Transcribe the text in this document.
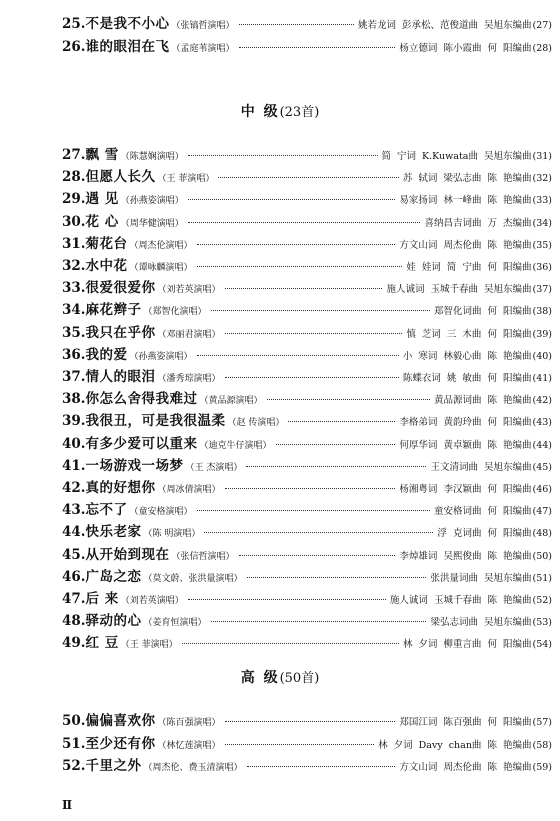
25. 不是我不小心 （张镐哲演唱）	姚若龙词 彭承松、范俊道曲 吴旭东编曲 (27)
26. 谁的眼泪在飞 （孟庭苇演唱）	杨立德词 陈小霞曲 何 阳编曲 (28)
中 级(23首)
27. 飘 雪 （陈慧娴演唱）	简 宁词 K.Kuwata曲 吴旭东编曲 (31)
28. 但愿人长久 （王 菲演唱）	苏 轼词 梁弘志曲 陈 艳编曲 (32)
29. 遇 见 （孙燕姿演唱）	易家扬词 林一峰曲 陈 艳编曲 (33)
30. 花 心 （周华健演唱）	喜纳昌吉词曲 万 杰编曲 (34)
31. 菊花台 （周杰伦演唱）	方文山词 周杰伦曲 陈 艳编曲 (35)
32. 水中花 （谭咏麟演唱）	娃 娃词 简 宁曲 何 阳编曲 (36)
33. 很爱很爱你 （刘若英演唱）	施人诚词 玉城千春曲 吴旭东编曲 (37)
34. 麻花辫子 （郑智化演唱）	郑智化词曲 何 阳编曲 (38)
35. 我只在乎你 （邓丽君演唱）	慎 芝词 三 木曲 何 阳编曲 (39)
36. 我的爱 （孙燕姿演唱）	小 寒词 林毅心曲 陈 艳编曲 (40)
37. 情人的眼泪 （潘秀琼演唱）	陈蝶衣词 姚 敏曲 何 阳编曲 (41)
38. 你怎么舍得我难过 （黄品源演唱）	黄品源词曲 陈 艳编曲 (42)
39. 我很丑，可是我很温柔 （赵 传演唱）	李格弟词 黄韵玲曲 何 阳编曲 (43)
40. 有多少爱可以重来 （迪克牛仔演唱）	何厚华词 黄卓颖曲 陈 艳编曲 (44)
41. 一场游戏一场梦 （王 杰演唱）	王文清词曲 吴旭东编曲 (45)
42. 真的好想你 （周冰倩演唱）	杨湘粤词 李汉颖曲 何 阳编曲 (46)
43. 忘不了 （童安格演唱）	童安格词曲 何 阳编曲 (47)
44. 快乐老家 （陈 明演唱）	浮 克词曲 何 阳编曲 (48)
45. 从开始到现在 （张信哲演唱）	李焯雄词 吴熙俊曲 陈 艳编曲 (50)
46. 广岛之恋 （莫文蔚、张洪量演唱）	张洪量词曲 吴旭东编曲 (51)
47. 后 来 （刘若英演唱）	施人诚词 玉城千春曲 陈 艳编曲 (52)
48. 驿动的心 （姜育恒演唱）	梁弘志词曲 吴旭东编曲 (53)
49. 红 豆 （王 菲演唱）	林 夕词 柳重言曲 何 阳编曲 (54)
高 级(50首)
50. 偏偏喜欢你 （陈百强演唱）	郑国江词 陈百强曲 何 阳编曲 (57)
51. 至少还有你 （林忆莲演唱）	林 夕词 Davy chan曲 陈 艳编曲 (58)
52. 千里之外 （周杰伦、费玉清演唱）	方文山词 周杰伦曲 陈 艳编曲 (59)
Ⅱ
